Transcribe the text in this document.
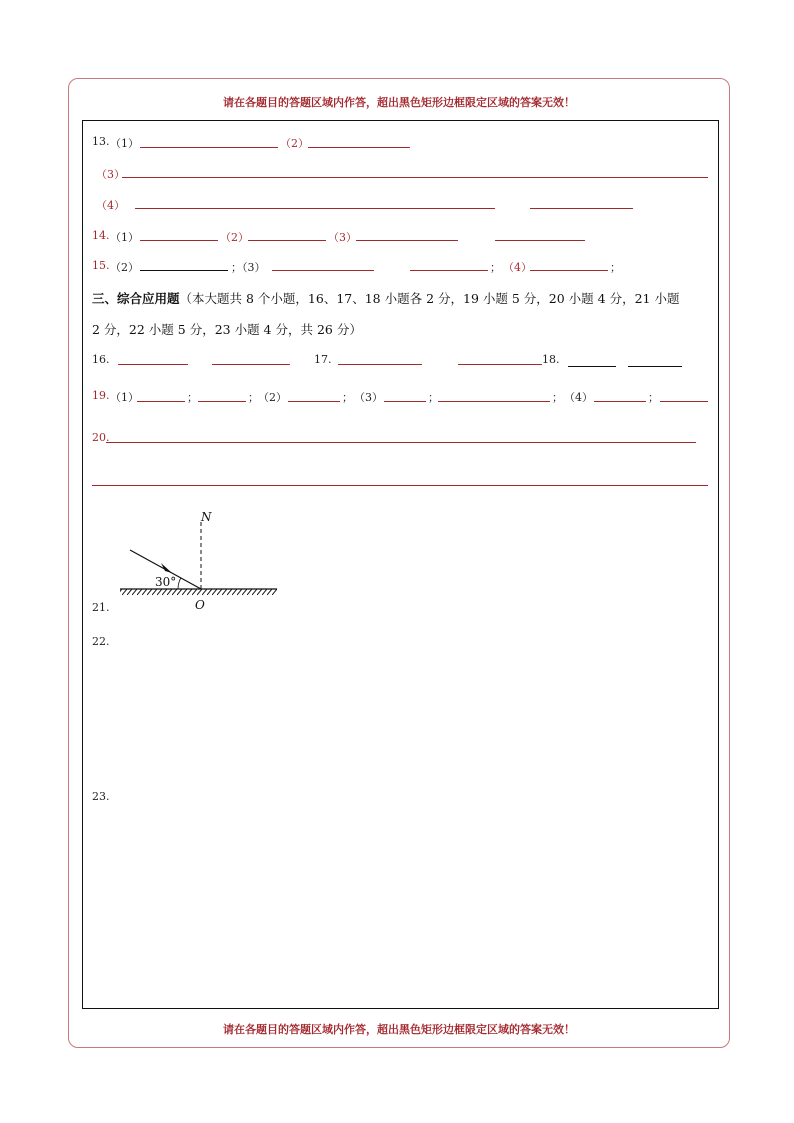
请在各题目的答题区域内作答，超出黑色矩形边框限定区域的答案无效！
请在各题目的答题区域内作答，超出黑色矩形边框限定区域的答案无效！
13. （1）	（2）
（3）
（4）
14. （1）	（2）	（3）
15. （2）	；（3）	； （4）	；
三、综合应用题（本大题共 8 个小题，16、17、18 小题各 2 分，19 小题 5 分，20 小题 4 分，21 小题
2 分，22 小题 5 分，23 小题 4 分，共 26 分）
16.	17.	18.
19. （1）	；	； （2）	； （3）	；	； （4）	；
20.
N
O
30°
21.
22.
23.
